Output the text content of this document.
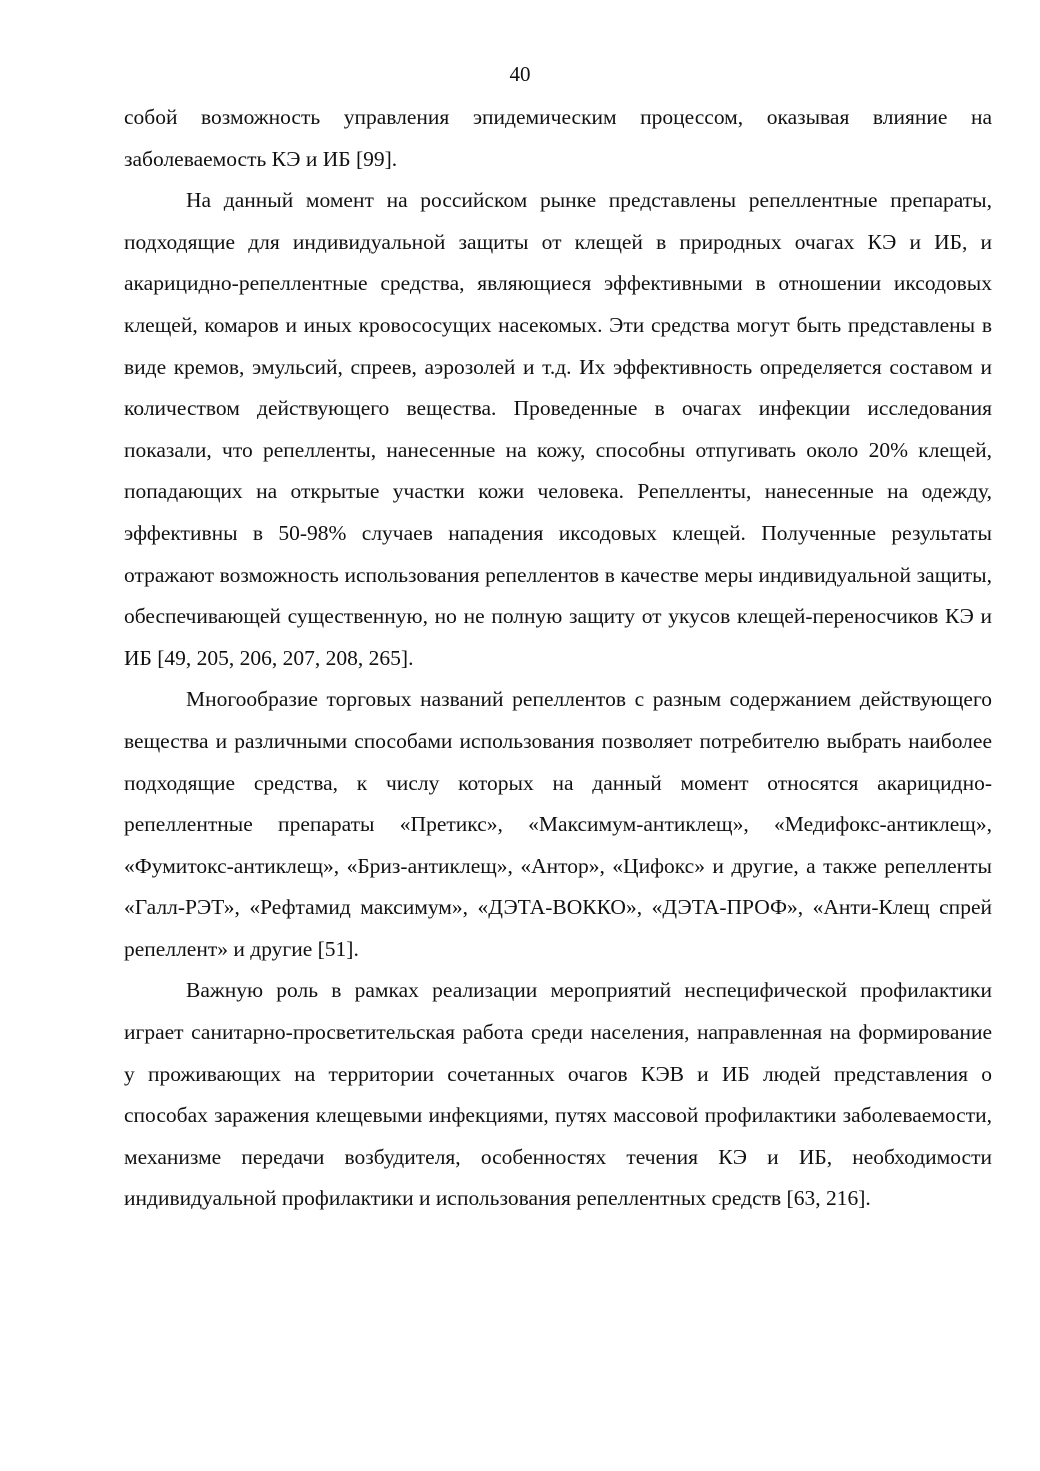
40

собой возможность управления эпидемическим процессом, оказывая влияние на заболеваемость КЭ и ИБ [99].

На данный момент на российском рынке представлены репеллентные препараты, подходящие для индивидуальной защиты от клещей в природных очагах КЭ и ИБ, и акарицидно-репеллентные средства, являющиеся эффективными в отношении иксодовых клещей, комаров и иных кровососущих насекомых. Эти средства могут быть представлены в виде кремов, эмульсий, спреев, аэрозолей и т.д. Их эффективность определяется составом и количеством действующего вещества. Проведенные в очагах инфекции исследования показали, что репелленты, нанесенные на кожу, способны отпугивать около 20% клещей, попадающих на открытые участки кожи человека. Репелленты, нанесенные на одежду, эффективны в 50-98% случаев нападения иксодовых клещей. Полученные результаты отражают возможность использования репеллентов в качестве меры индивидуальной защиты, обеспечивающей существенную, но не полную защиту от укусов клещей-переносчиков КЭ и ИБ [49, 205, 206, 207, 208, 265].

Многообразие торговых названий репеллентов с разным содержанием действующего вещества и различными способами использования позволяет потребителю выбрать наиболее подходящие средства, к числу которых на данный момент относятся акарицидно-репеллентные препараты «Претикс», «Максимум-антиклещ», «Медифокс-антиклещ», «Фумитокс-антиклещ», «Бриз-антиклещ», «Антор», «Цифокс» и другие, а также репелленты «Галл-РЭТ», «Рефтамид максимум», «ДЭТА-ВОККО», «ДЭТА-ПРОФ», «Анти-Клещ спрей репеллент» и другие [51].

Важную роль в рамках реализации мероприятий неспецифической профилактики играет санитарно-просветительская работа среди населения, направленная на формирование у проживающих на территории сочетанных очагов КЭВ и ИБ людей представления о способах заражения клещевыми инфекциями, путях массовой профилактики заболеваемости, механизме передачи возбудителя, особенностях течения КЭ и ИБ, необходимости индивидуальной профилактики и использования репеллентных средств [63, 216].
